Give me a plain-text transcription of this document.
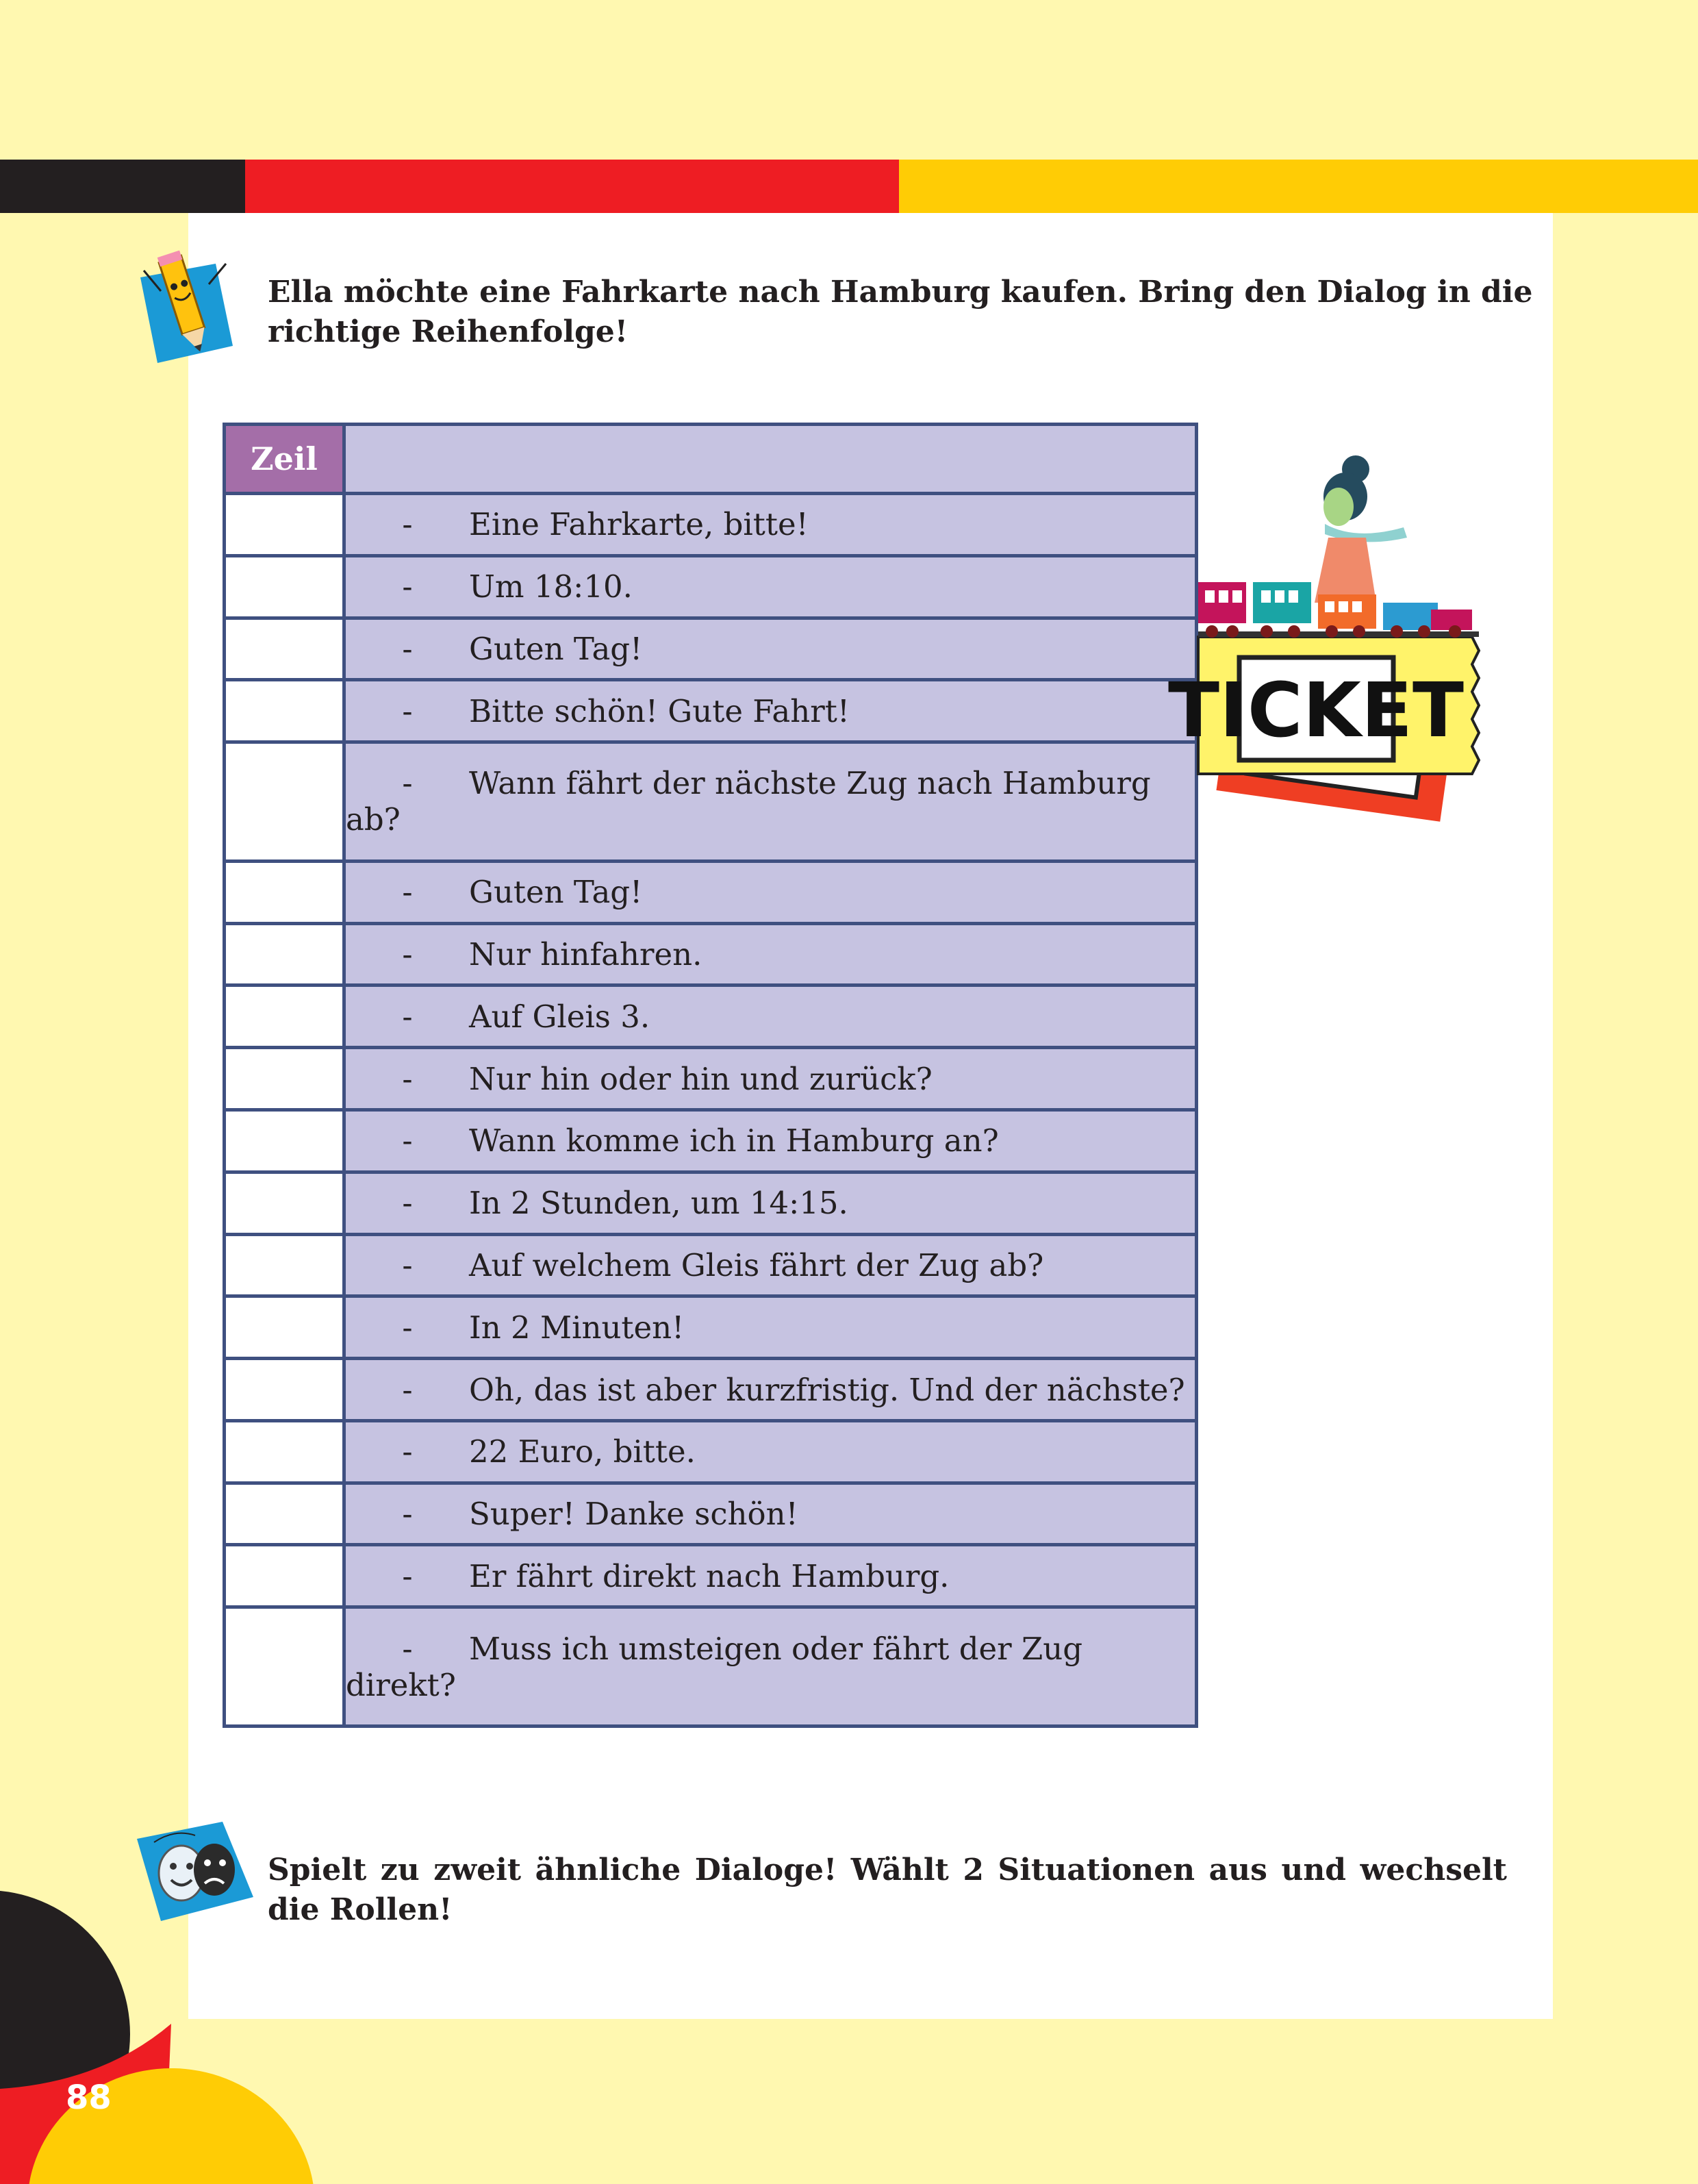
88
Ella möchte eine Fahrkarte nach Hamburg kaufen. Bring den Dialog in die richtige Reihenfolge!
Zeil	
	- Eine Fahrkarte, bitte!
	- Um 18:10.
	- Guten Tag!
	- Bitte schön! Gute Fahrt!
	- Wann fährt der nächste Zug nach Hamburg ab?
	- Guten Tag!
	- Nur hinfahren.
	- Auf Gleis 3.
	- Nur hin oder hin und zurück?
	- Wann komme ich in Hamburg an?
	- In 2 Stunden, um 14:15.
	- Auf welchem Gleis fährt der Zug ab?
	- In 2 Minuten!
	- Oh, das ist aber kurzfristig. Und der nächste?
	- 22 Euro, bitte.
	- Super! Danke schön!
	- Er fährt direkt nach Hamburg.
	- Muss ich umsteigen oder fährt der Zug direkt?
TICKET
Spielt zu zweit ähnliche Dialoge! Wählt 2 Situationen aus und wechselt die Rollen!
